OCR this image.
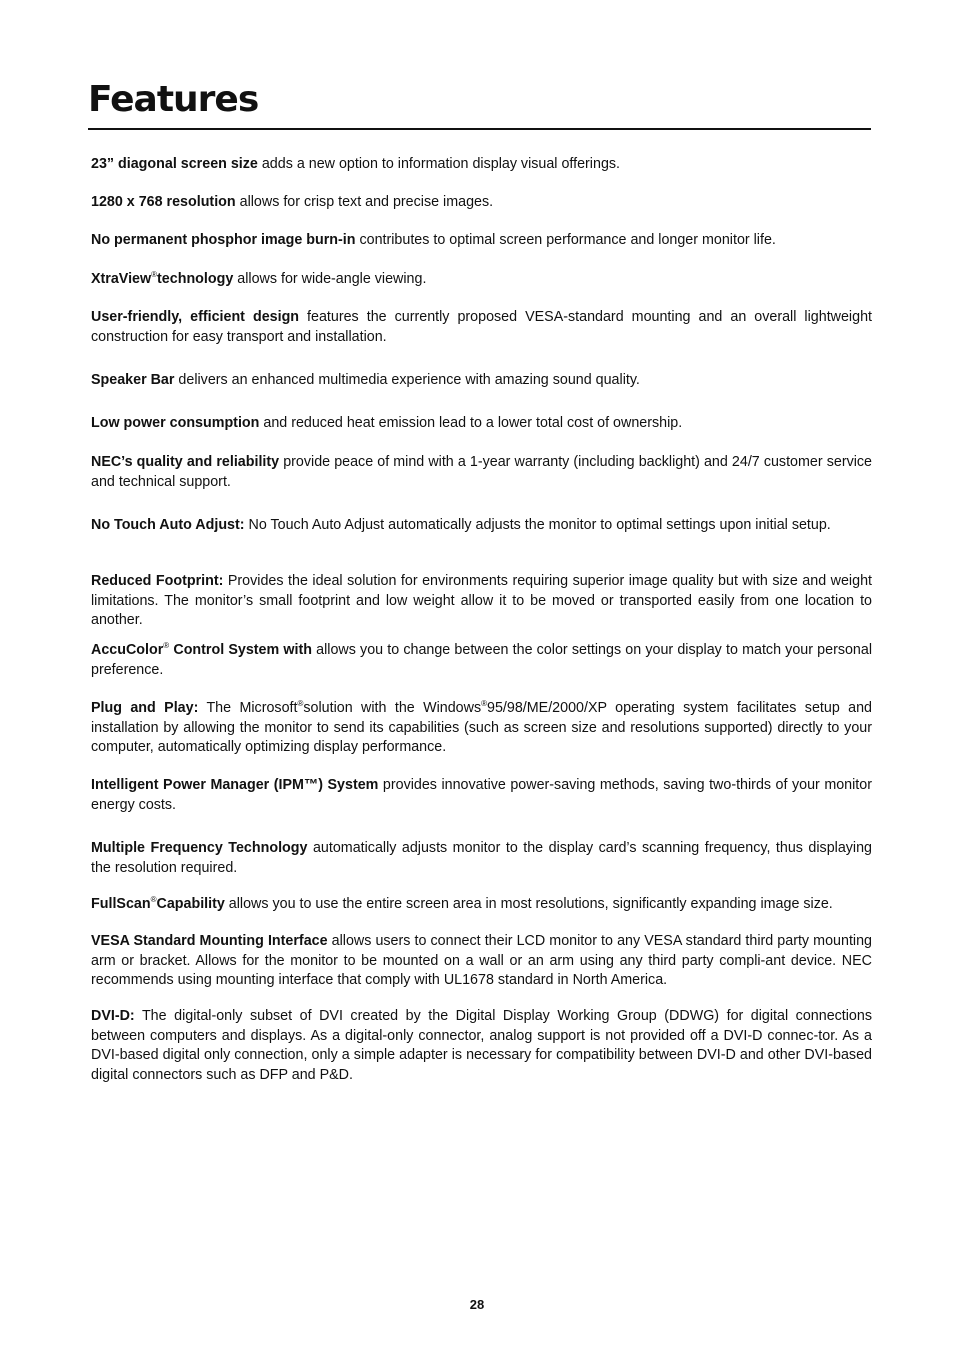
Features

23” diagonal screen size adds a new option to information display visual offerings.

1280 x 768 resolution allows for crisp text and precise images.

No permanent phosphor image burn-in contributes to optimal screen performance and longer monitor life.

XtraView®technology allows for wide-angle viewing.

User-friendly, efficient design features the currently proposed VESA-standard mounting and an overall lightweight construction for easy transport and installation.

Speaker Bar delivers an enhanced multimedia experience with amazing sound quality.

Low power consumption and reduced heat emission lead to a lower total cost of ownership.

NEC’s quality and reliability provide peace of mind with a 1-year warranty (including backlight) and 24/7 customer service and technical support.

No Touch Auto Adjust: No Touch Auto Adjust automatically adjusts the monitor to optimal settings upon initial setup.

Reduced Footprint: Provides the ideal solution for environments requiring superior image quality but with size and weight limitations. The monitor’s small footprint and low weight allow it to be moved or transported easily from one location to another.

AccuColor® Control System with allows you to change between the color settings on your display to match your personal preference.

Plug and Play: The Microsoft®solution with the Windows®95/98/ME/2000/XP operating system facilitates setup and installation by allowing the monitor to send its capabilities (such as screen size and resolutions supported) directly to your computer, automatically optimizing display performance.

Intelligent Power Manager (IPM™) System provides innovative power-saving methods, saving two-thirds of your monitor energy costs.

Multiple Frequency Technology automatically adjusts monitor to the display card’s scanning frequency, thus displaying the resolution required.

FullScan®Capability allows you to use the entire screen area in most resolutions, significantly expanding image size.

VESA Standard Mounting Interface allows users to connect their LCD monitor to any VESA standard third party mounting arm or bracket. Allows for the monitor to be mounted on a wall or an arm using any third party compli-ant device. NEC recommends using mounting interface that comply with UL1678 standard in North America.

DVI-D: The digital-only subset of DVI created by the Digital Display Working Group (DDWG) for digital connections between computers and displays. As a digital-only connector, analog support is not provided off a DVI-D connec-tor. As a DVI-based digital only connection, only a simple adapter is necessary for compatibility between DVI-D and other DVI-based digital connectors such as DFP and P&D.

28
